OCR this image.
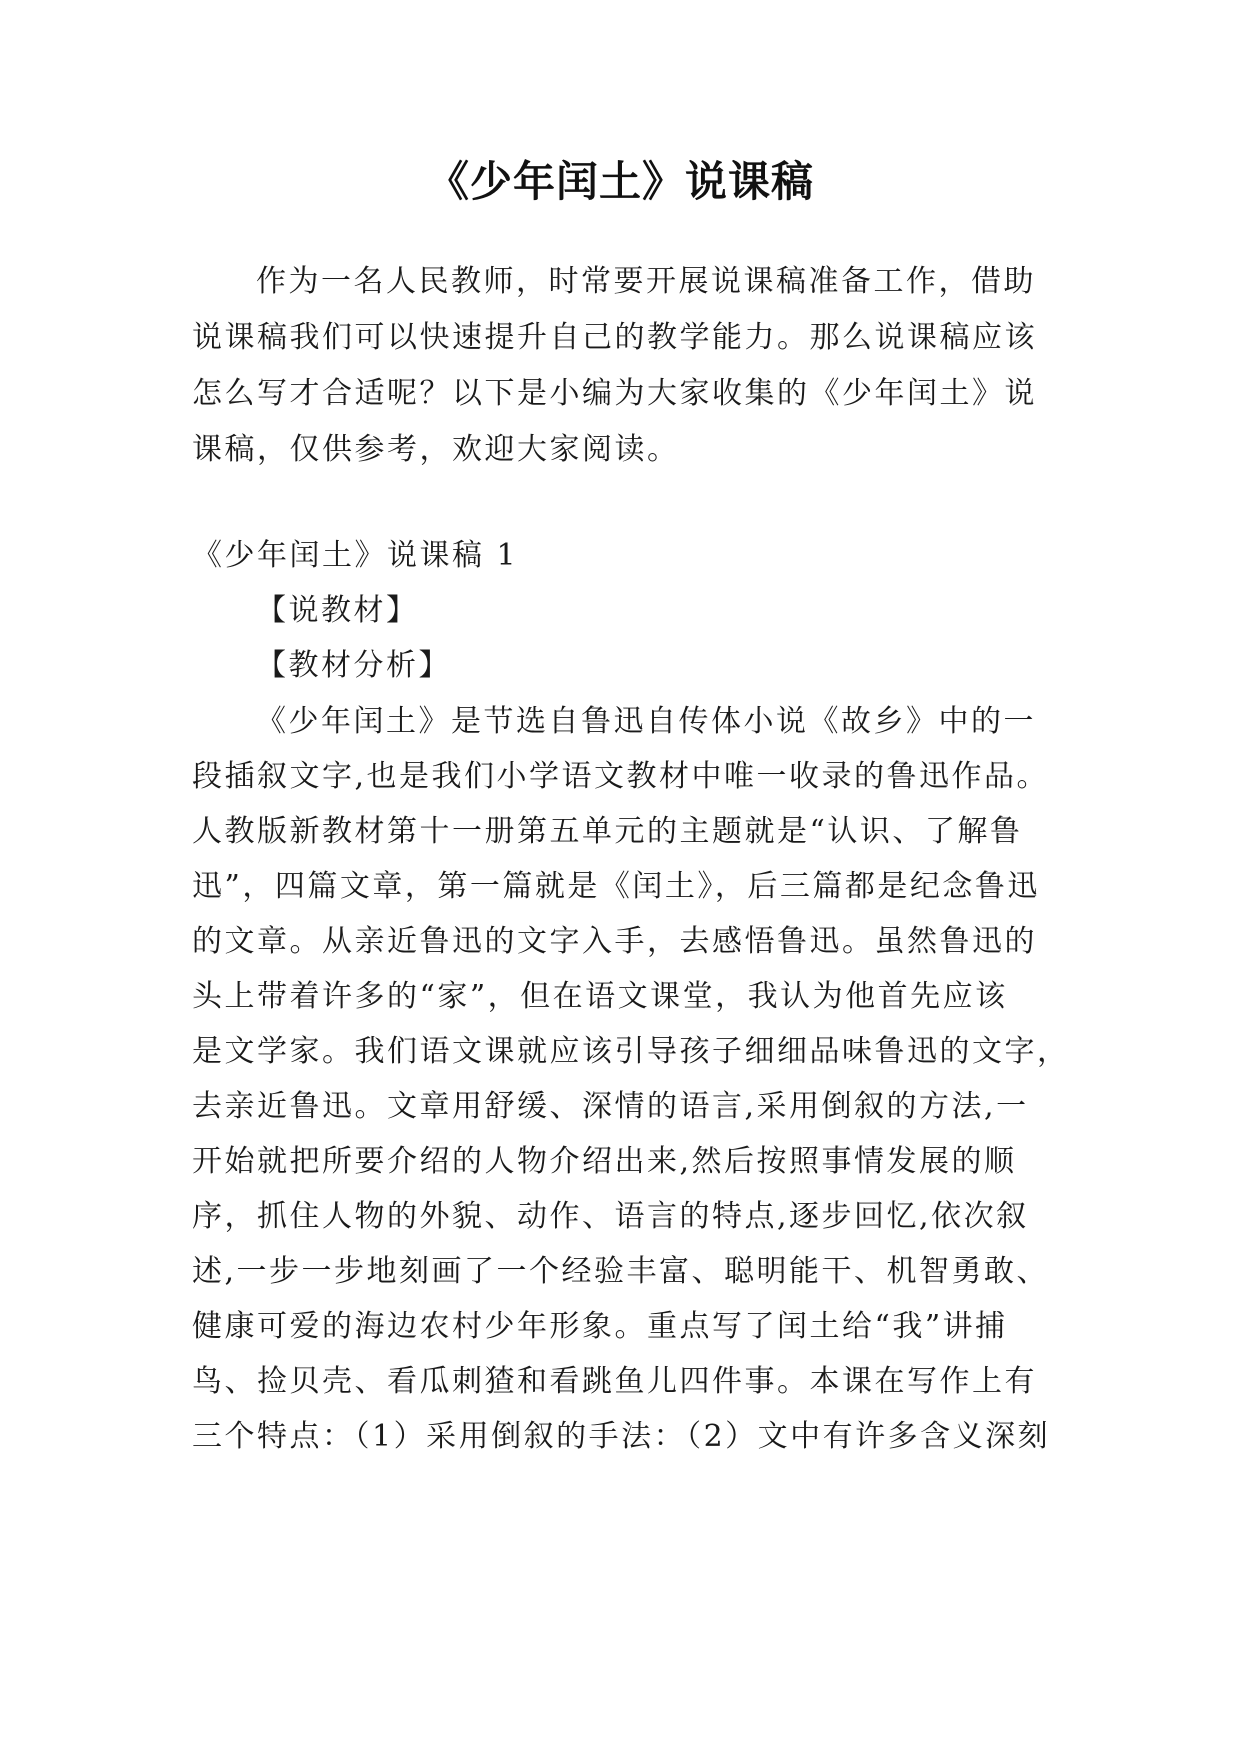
《少年闰土》说课稿
作为一名人民教师，时常要开展说课稿准备工作，借助
说课稿我们可以快速提升自己的教学能力。那么说课稿应该
怎么写才合适呢？以下是小编为大家收集的《少年闰土》说
课稿，仅供参考，欢迎大家阅读。
《少年闰土》说课稿 1
【说教材】
【教材分析】
《少年闰土》是节选自鲁迅自传体小说《故乡》中的一
段插叙文字,也是我们小学语文教材中唯一收录的鲁迅作品。
人教版新教材第十一册第五单元的主题就是“认识、了解鲁
迅”，四篇文章，第一篇就是《闰土》，后三篇都是纪念鲁迅
的文章。从亲近鲁迅的文字入手，去感悟鲁迅。虽然鲁迅的
头上带着许多的“家”，但在语文课堂，我认为他首先应该
是文学家。我们语文课就应该引导孩子细细品味鲁迅的文字，
去亲近鲁迅。文章用舒缓、深情的语言,采用倒叙的方法,一
开始就把所要介绍的人物介绍出来,然后按照事情发展的顺
序，抓住人物的外貌、动作、语言的特点,逐步回忆,依次叙
述,一步一步地刻画了一个经验丰富、聪明能干、机智勇敢、
健康可爱的海边农村少年形象。重点写了闰土给“我”讲捕
鸟、捡贝壳、看瓜刺猹和看跳鱼儿四件事。本课在写作上有
三个特点：（1）采用倒叙的手法：（2）文中有许多含义深刻
